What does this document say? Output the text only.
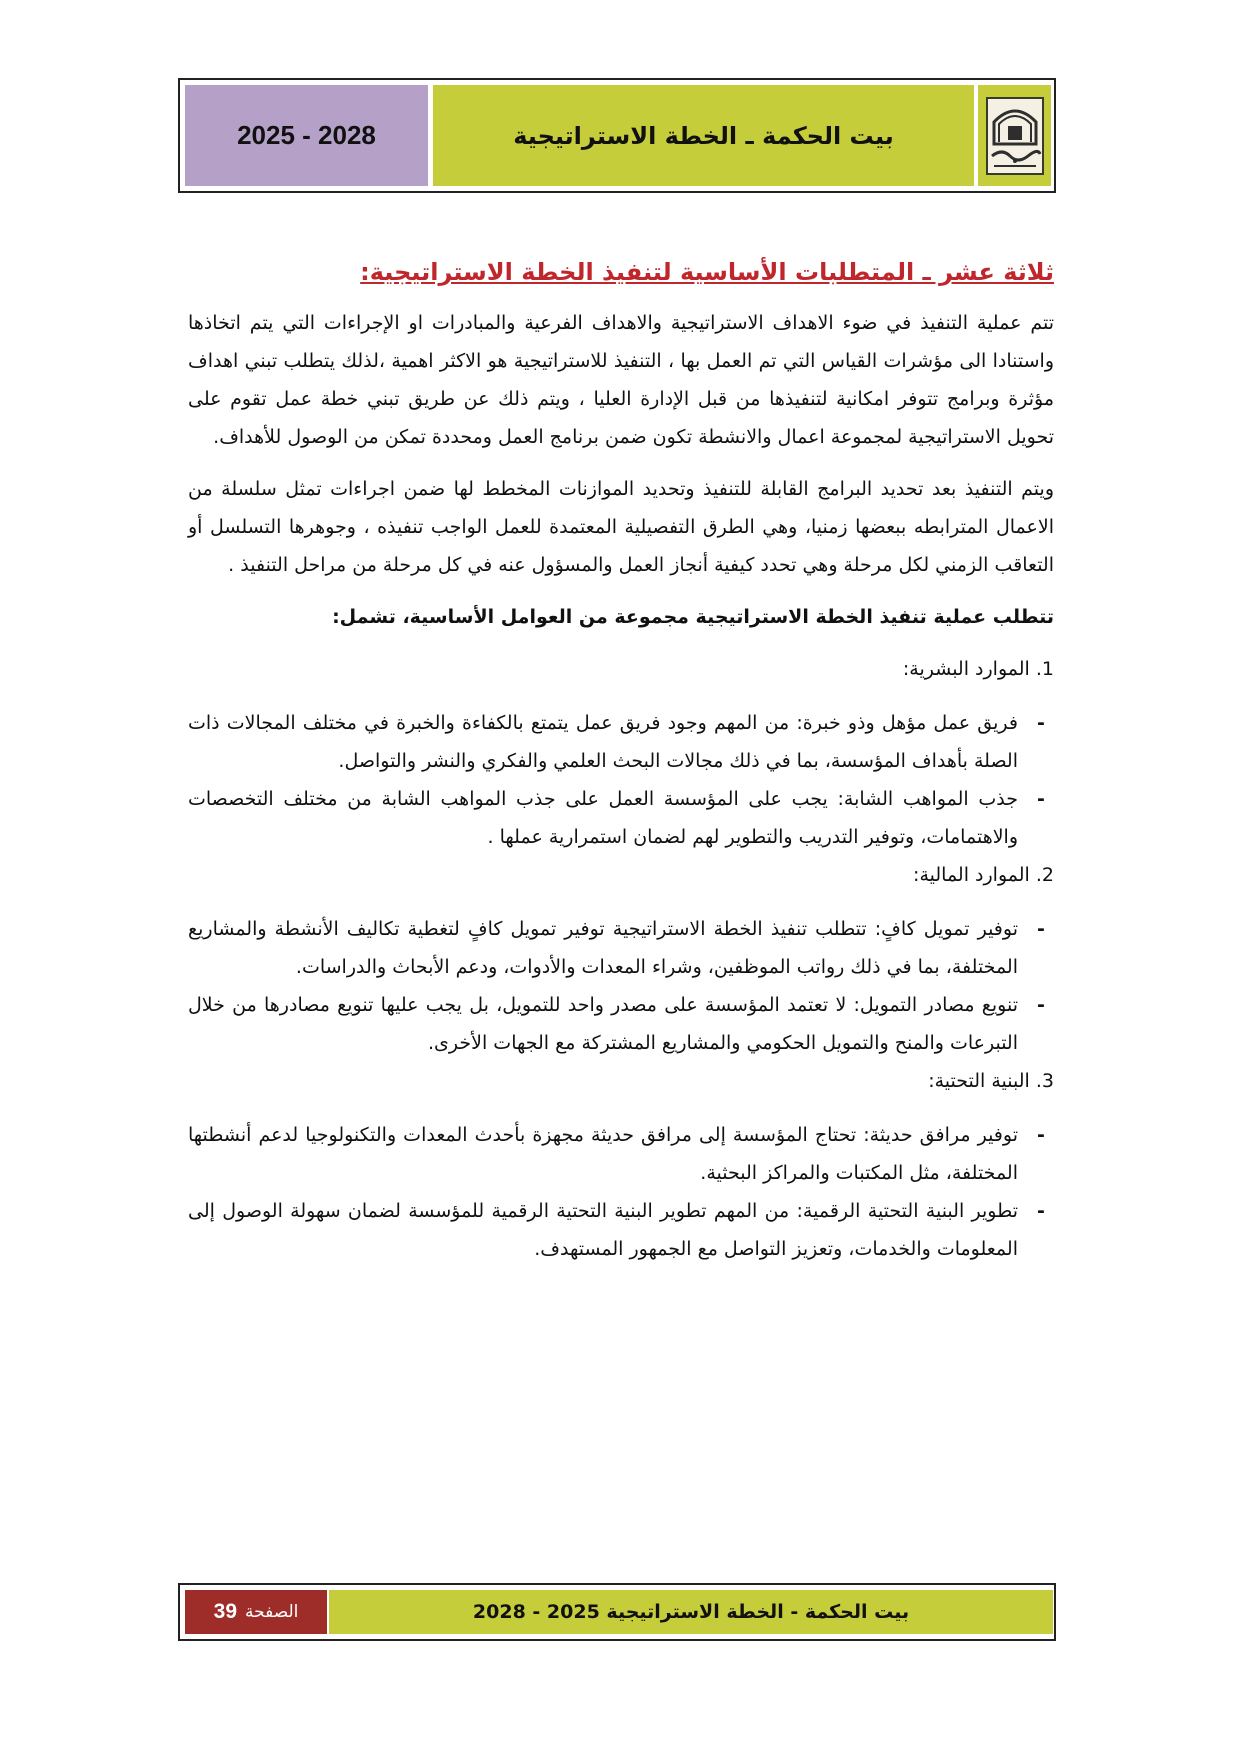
2025 - 2028	بيت الحكمة ـ الخطة الاستراتيجية
ثلاثة عشر ـ المتطلبات الأساسية لتنفيذ الخطة الاستراتيجية:

تتم عملية التنفيذ في ضوء الاهداف الاستراتيجية والاهداف الفرعية والمبادرات او الإجراءات التي يتم اتخاذها واستنادا الى مؤشرات القياس التي تم العمل بها ، التنفيذ للاستراتيجية هو الاكثر اهمية ،لذلك يتطلب تبني اهداف مؤثرة وبرامج تتوفر امكانية لتنفيذها من قبل الإدارة العليا ، ويتم ذلك عن طريق تبني خطة عمل تقوم على تحويل الاستراتيجية لمجموعة اعمال والانشطة تكون ضمن برنامج العمل ومحددة تمكن من الوصول للأهداف.

ويتم التنفيذ بعد تحديد البرامج القابلة للتنفيذ وتحديد الموازنات المخطط لها ضمن اجراءات تمثل سلسلة من الاعمال المترابطه ببعضها زمنيا، وهي الطرق التفصيلية المعتمدة للعمل الواجب تنفيذه ، وجوهرها التسلسل أو التعاقب الزمني لكل مرحلة وهي تحدد كيفية أنجاز العمل والمسؤول عنه في كل مرحلة من مراحل التنفيذ .

تتطلب عملية تنفيذ الخطة الاستراتيجية مجموعة من العوامل الأساسية، تشمل:

1. الموارد البشرية:

-
فريق عمل مؤهل وذو خبرة: من المهم وجود فريق عمل يتمتع بالكفاءة والخبرة في مختلف المجالات ذات الصلة بأهداف المؤسسة، بما في ذلك مجالات البحث العلمي والفكري والنشر والتواصل.
-
جذب المواهب الشابة: يجب على المؤسسة العمل على جذب المواهب الشابة من مختلف التخصصات والاهتمامات، وتوفير التدريب والتطوير لهم لضمان استمرارية عملها .

2. الموارد المالية:

-
توفير تمويل كافٍ: تتطلب تنفيذ الخطة الاستراتيجية توفير تمويل كافٍ لتغطية تكاليف الأنشطة والمشاريع المختلفة، بما في ذلك رواتب الموظفين، وشراء المعدات والأدوات، ودعم الأبحاث والدراسات.
-
تنويع مصادر التمويل: لا تعتمد المؤسسة على مصدر واحد للتمويل، بل يجب عليها تنويع مصادرها من خلال التبرعات والمنح والتمويل الحكومي والمشاريع المشتركة مع الجهات الأخرى.

3. البنية التحتية:

-
توفير مرافق حديثة: تحتاج المؤسسة إلى مرافق حديثة مجهزة بأحدث المعدات والتكنولوجيا لدعم أنشطتها المختلفة، مثل المكتبات والمراكز البحثية.
-
تطوير البنية التحتية الرقمية: من المهم تطوير البنية التحتية الرقمية للمؤسسة لضمان سهولة الوصول إلى المعلومات والخدمات، وتعزيز التواصل مع الجمهور المستهدف.
بيت الحكمة - الخطة الاستراتيجية 2025 - 2028
الصفحة
39
